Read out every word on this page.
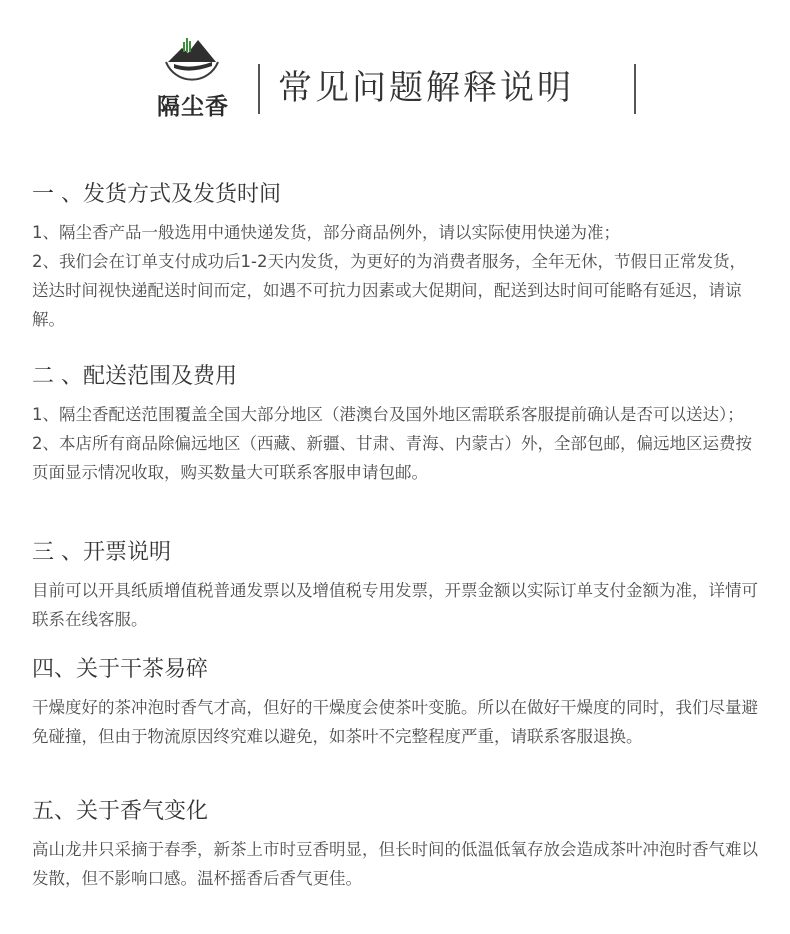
隔尘香 常见问题解释说明
一 、发货方式及发货时间

1、隔尘香产品一般选用中通快递发货，部分商品例外，请以实际使用快递为准；

2、我们会在订单支付成功后1-2天内发货，为更好的为消费者服务，全年无休，节假日正常发货，送达时间视快递配送时间而定，如遇不可抗力因素或大促期间，配送到达时间可能略有延迟，请谅解。

二 、配送范围及费用

1、隔尘香配送范围覆盖全国大部分地区（港澳台及国外地区需联系客服提前确认是否可以送达）；

2、本店所有商品除偏远地区（西藏、新疆、甘肃、青海、内蒙古）外，全部包邮，偏远地区运费按页面显示情况收取，购买数量大可联系客服申请包邮。

三 、开票说明

目前可以开具纸质增值税普通发票以及增值税专用发票，开票金额以实际订单支付金额为准，详情可联系在线客服。

四、关于干茶易碎

干燥度好的茶冲泡时香气才高，但好的干燥度会使茶叶变脆。所以在做好干燥度的同时，我们尽量避免碰撞，但由于物流原因终究难以避免，如茶叶不完整程度严重，请联系客服退换。

五、关于香气变化

高山龙井只采摘于春季，新茶上市时豆香明显，但长时间的低温低氧存放会造成茶叶冲泡时香气难以发散，但不影响口感。温杯摇香后香气更佳。
